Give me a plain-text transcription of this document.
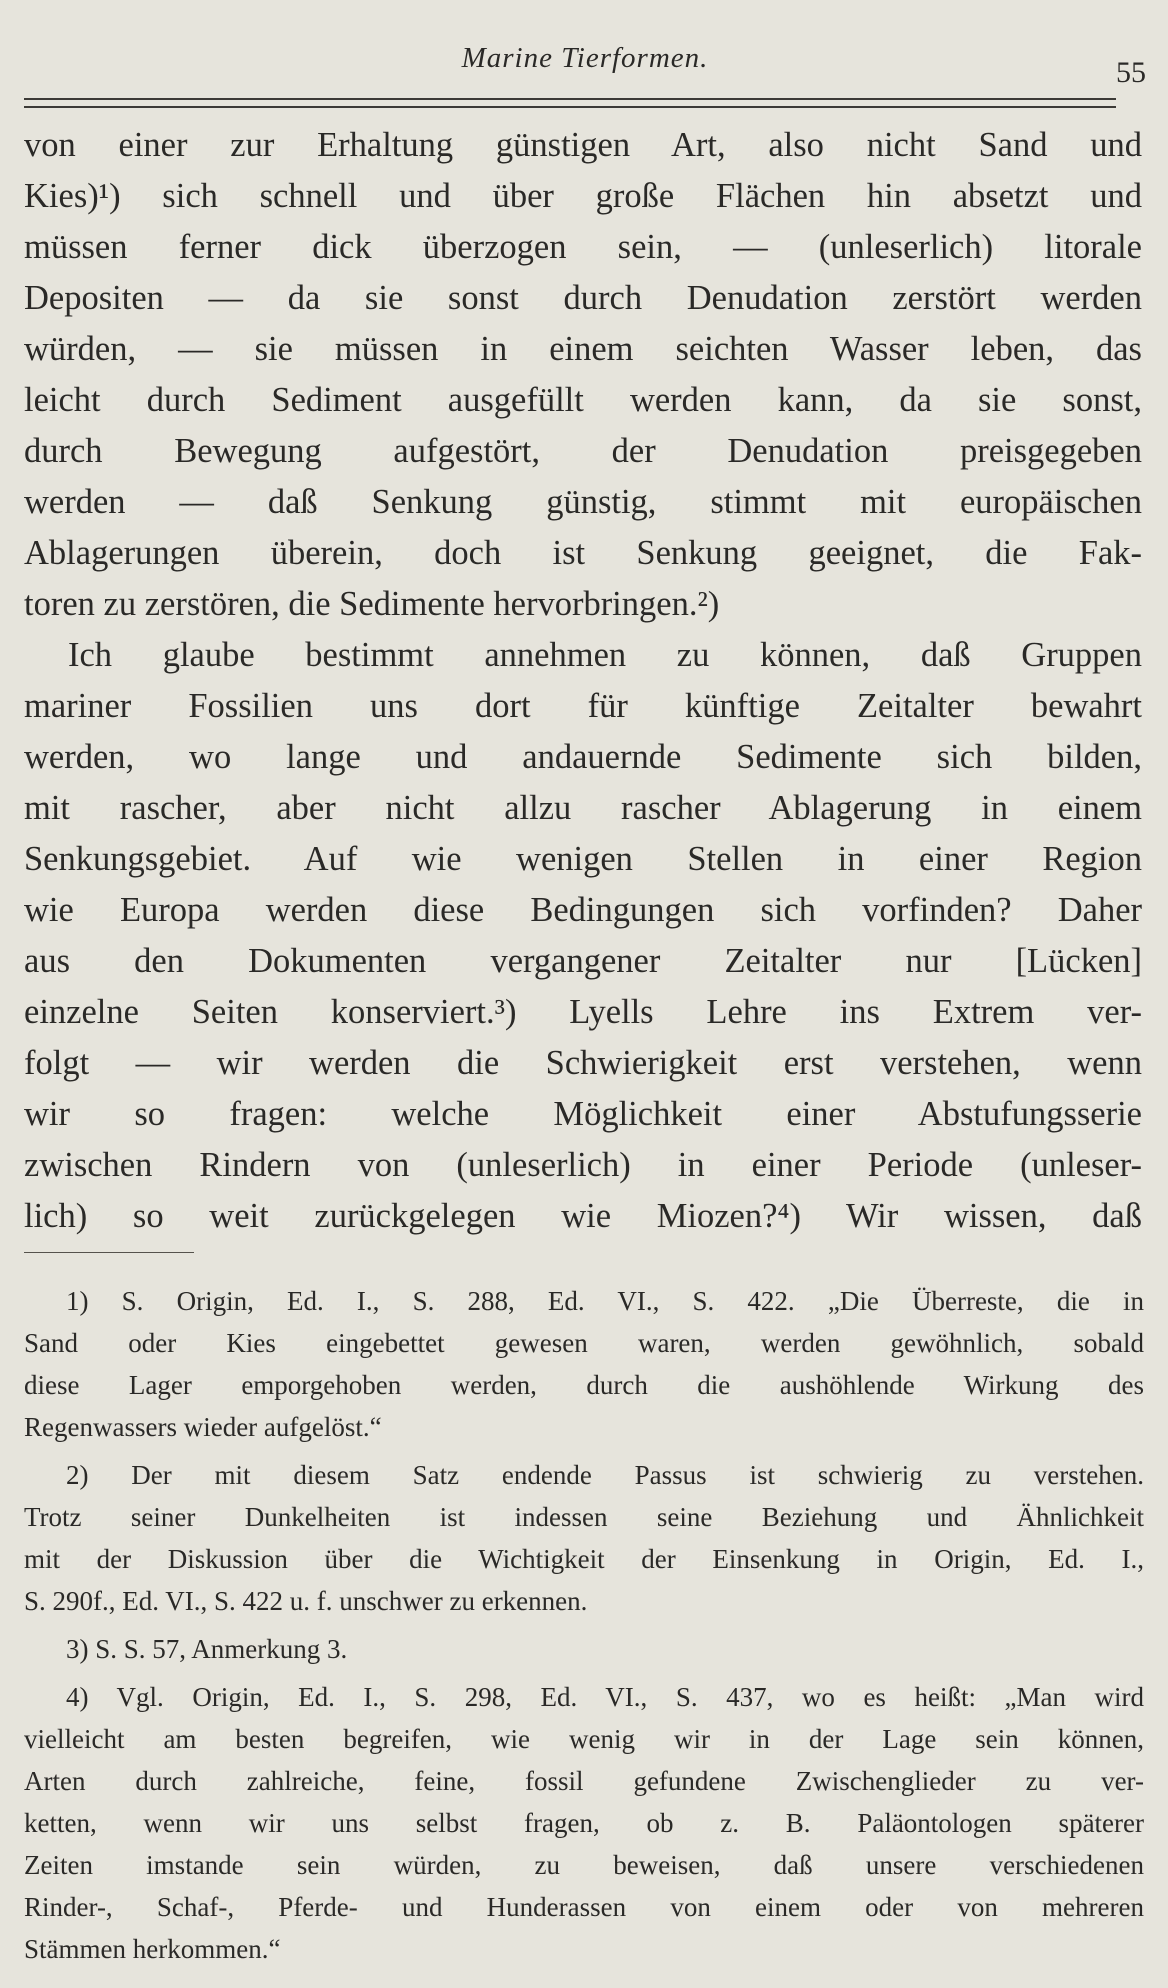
Marine Tierformen.	55
von einer zur Erhaltung günstigen Art, also nicht Sand und
Kies)¹) sich schnell und über große Flächen hin absetzt und
müssen ferner dick überzogen sein, — (unleserlich) litorale
Depositen — da sie sonst durch Denudation zerstört werden
würden, — sie müssen in einem seichten Wasser leben, das
leicht durch Sediment ausgefüllt werden kann, da sie sonst,
durch Bewegung aufgestört, der Denudation preisgegeben
werden — daß Senkung günstig, stimmt mit europäischen
Ablagerungen überein, doch ist Senkung geeignet, die Fak-
toren zu zerstören, die Sedimente hervorbringen.²)
Ich glaube bestimmt annehmen zu können, daß Gruppen
mariner Fossilien uns dort für künftige Zeitalter bewahrt
werden, wo lange und andauernde Sedimente sich bilden,
mit rascher, aber nicht allzu rascher Ablagerung in einem
Senkungsgebiet. Auf wie wenigen Stellen in einer Region
wie Europa werden diese Bedingungen sich vorfinden? Daher
aus den Dokumenten vergangener Zeitalter nur [Lücken]
einzelne Seiten konserviert.³) Lyells Lehre ins Extrem ver-
folgt — wir werden die Schwierigkeit erst verstehen, wenn
wir so fragen: welche Möglichkeit einer Abstufungsserie
zwischen Rindern von (unleserlich) in einer Periode (unleser-
lich) so weit zurückgelegen wie Miozen?⁴) Wir wissen, daß
1) S. Origin, Ed. I., S. 288, Ed. VI., S. 422. „Die Überreste, die in
Sand oder Kies eingebettet gewesen waren, werden gewöhnlich, sobald
diese Lager emporgehoben werden, durch die aushöhlende Wirkung des
Regenwassers wieder aufgelöst.“
2) Der mit diesem Satz endende Passus ist schwierig zu verstehen.
Trotz seiner Dunkelheiten ist indessen seine Beziehung und Ähnlichkeit
mit der Diskussion über die Wichtigkeit der Einsenkung in Origin, Ed. I.,
S. 290f., Ed. VI., S. 422 u. f. unschwer zu erkennen.
3) S. S. 57, Anmerkung 3.
4) Vgl. Origin, Ed. I., S. 298, Ed. VI., S. 437, wo es heißt: „Man wird
vielleicht am besten begreifen, wie wenig wir in der Lage sein können,
Arten durch zahlreiche, feine, fossil gefundene Zwischenglieder zu ver-
ketten, wenn wir uns selbst fragen, ob z. B. Paläontologen späterer
Zeiten imstande sein würden, zu beweisen, daß unsere verschiedenen
Rinder-, Schaf-, Pferde- und Hunderassen von einem oder von mehreren
Stämmen herkommen.“
